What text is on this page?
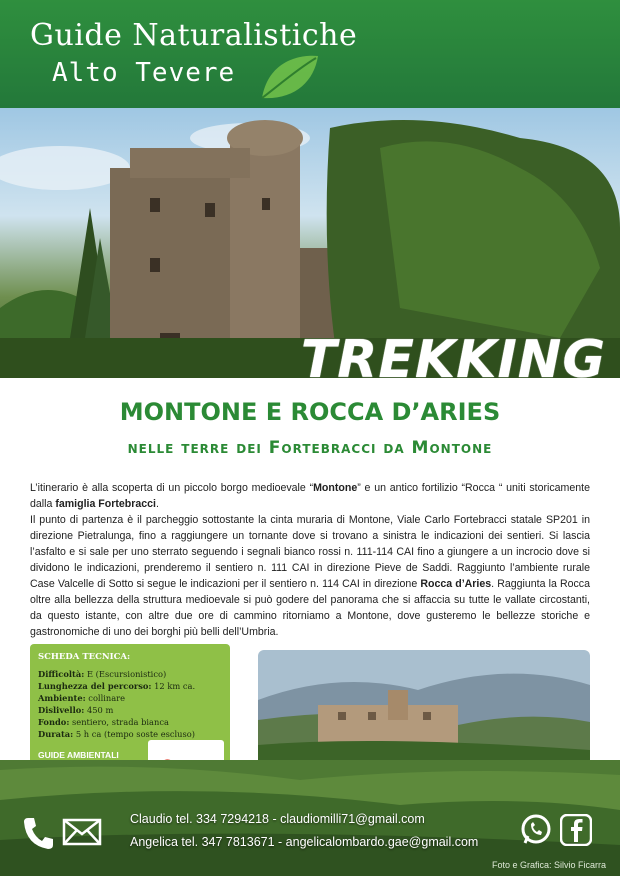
Guide Naturalistiche
Alto Tevere
TREKKING
MONTONE E ROCCA D’ARIES
nelle terre dei Fortebracci da Montone

L’itinerario è alla scoperta di un piccolo borgo medioevale “Montone” e un antico fortilizio “Rocca “ uniti storicamente dalla famiglia Fortebracci.

Il punto di partenza è il parcheggio sottostante la cinta muraria di Montone, Viale Carlo Fortebracci statale SP201 in direzione Pietralunga, fino a raggiungere un tornante dove si trovano a sinistra le indicazioni dei sentieri. Si lascia l’asfalto e si sale per uno sterrato seguendo i segnali bianco rossi n. 111-114 CAI fino a giungere a un incrocio dove si dividono le indicazioni, prenderemo il sentiero n. 111 CAI in direzione Pieve de Saddi. Raggiunto l’ambiente rurale Case Valcelle di Sotto si segue le indicazioni per il sentiero n. 114 CAI in direzione Rocca d’Aries. Raggiunta la Rocca oltre alla bellezza della struttura medioevale si può godere del panorama che si affaccia su tutte le vallate circostanti, da questo istante, con altre due ore di cammino ritorniamo a Montone, dove gusteremo le bellezze storiche e gastronomiche di uno dei borghi più belli dell’Umbria.

SCHEDA TECNICA:
Difficoltà: E (Escursionistico)
Lunghezza del percorso: 12 km ca.
Ambiente: collinare
Dislivello: 450 m
Fondo: sentiero, strada bianca
Durata: 5 h ca (tempo soste escluso)
GUIDE AMBIENTALI
Claudio tel. 334 7294218 - claudiomilli71@gmail.com
Angelica tel. 347 7813671 - angelicalombardo.gae@gmail.com
Foto e Grafica: Silvio Ficarra
